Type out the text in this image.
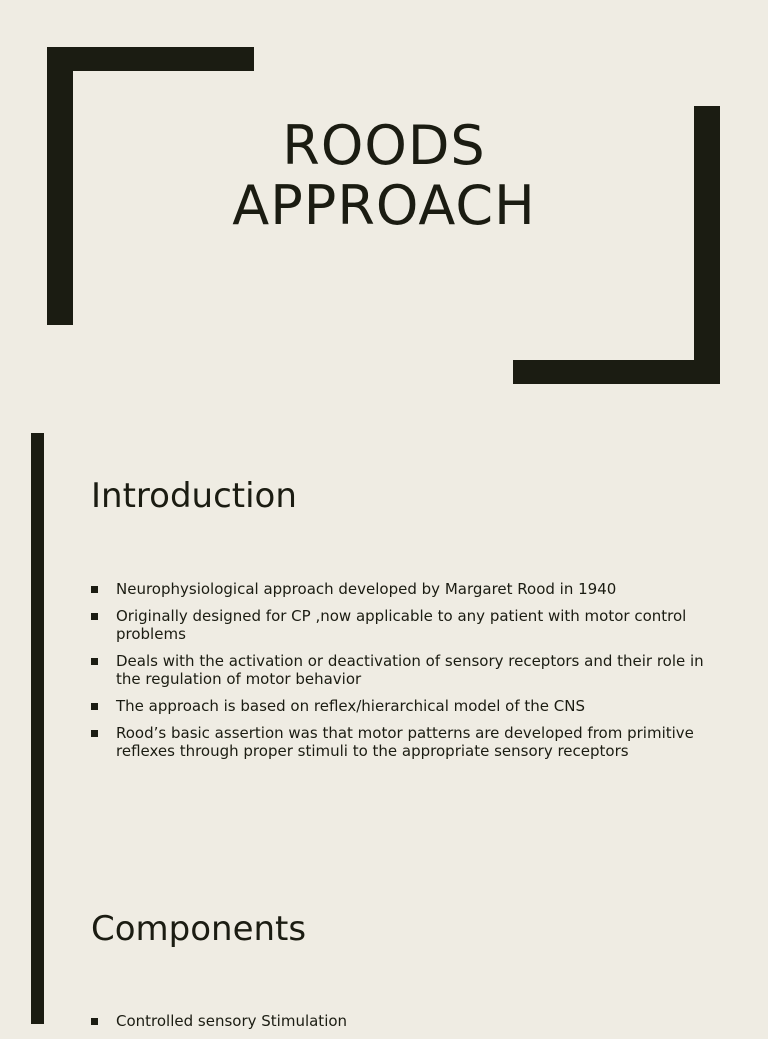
ROODS
APPROACH
Introduction
Neurophysiological approach developed by Margaret Rood in 1940
Originally designed for CP ,now applicable to any patient with motor control problems
Deals with the activation or deactivation of sensory receptors and their role in the regulation of motor behavior
The approach is based on reflex/hierarchical model of the CNS
Rood’s basic assertion was that motor patterns are developed from primitive reflexes through proper stimuli to the appropriate sensory receptors
Components
Controlled sensory Stimulation
